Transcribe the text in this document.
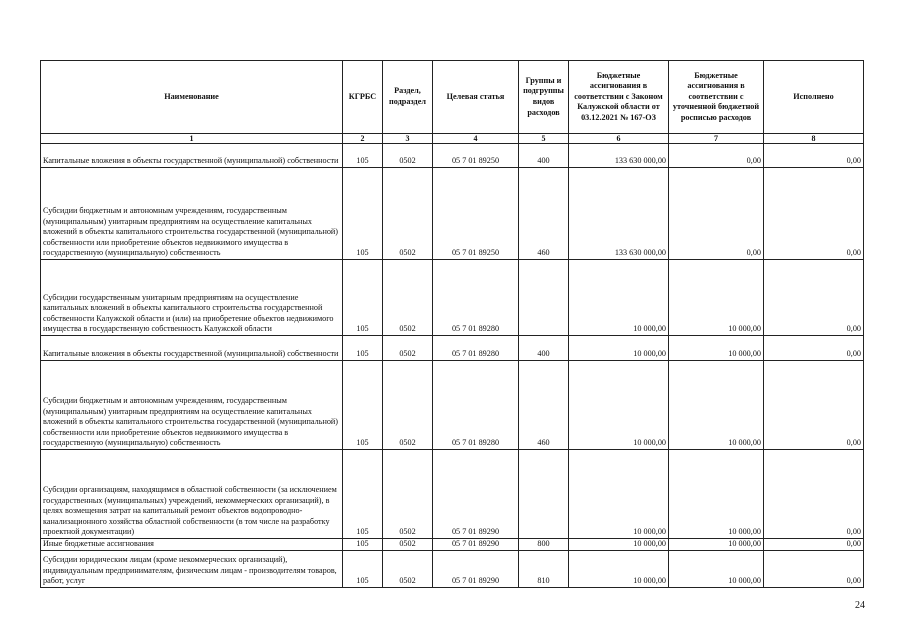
Наименование	КГРБС	Раздел, подраздел	Целевая статья	Группы и подгруппы видов расходов	Бюджетные ассигнования в соответствии с Законом Калужской области от 03.12.2021 № 167-ОЗ	Бюджетные ассигнования в соответствии с уточненной бюджетной росписью расходов	Исполнено
1	2	3	4	5	6	7	8
Капитальные вложения в объекты государственной (муниципальной) собственности	105	0502	05 7 01 89250	400	133 630 000,00	0,00	0,00
Субсидии бюджетным и автономным учреждениям, государственным (муниципальным) унитарным предприятиям на осуществление капитальных вложений в объекты капитального строительства государственной (муниципальной) собственности или приобретение объектов недвижимого имущества в государственную (муниципальную) собственность	105	0502	05 7 01 89250	460	133 630 000,00	0,00	0,00
Субсидии государственным унитарным предприятиям на осуществление капитальных вложений в объекты капитального строительства государственной собственности Калужской области и (или) на приобретение объектов недвижимого имущества в государственную собственность Калужской области	105	0502	05 7 01 89280		10 000,00	10 000,00	0,00
Капитальные вложения в объекты государственной (муниципальной) собственности	105	0502	05 7 01 89280	400	10 000,00	10 000,00	0,00
Субсидии бюджетным и автономным учреждениям, государственным (муниципальным) унитарным предприятиям на осуществление капитальных вложений в объекты капитального строительства государственной (муниципальной) собственности или приобретение объектов недвижимого имущества в государственную (муниципальную) собственность	105	0502	05 7 01 89280	460	10 000,00	10 000,00	0,00
Субсидии организациям, находящимся в областной собственности (за исключением государственных (муниципальных) учреждений, некоммерческих организаций), в целях возмещения затрат на капитальный ремонт объектов водопроводно-канализационного хозяйства областной собственности (в том числе на разработку проектной документации)	105	0502	05 7 01 89290		10 000,00	10 000,00	0,00
Иные бюджетные ассигнования	105	0502	05 7 01 89290	800	10 000,00	10 000,00	0,00
Субсидии юридическим лицам (кроме некоммерческих организаций), индивидуальным предпринимателям, физическим лицам - производителям товаров, работ, услуг	105	0502	05 7 01 89290	810	10 000,00	10 000,00	0,00
24
